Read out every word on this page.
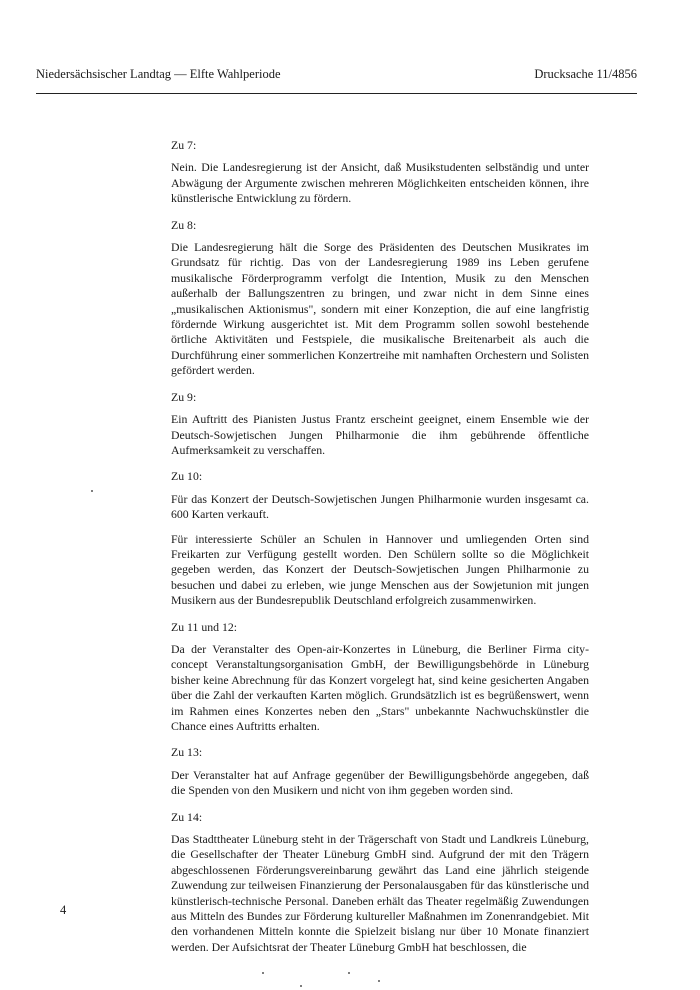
Niedersächsischer Landtag — Elfte Wahlperiode	Drucksache 11/4856

Zu 7:

Nein. Die Landesregierung ist der Ansicht, daß Musikstudenten selbständig und unter Abwägung der Argumente zwischen mehreren Möglichkeiten entscheiden können, ihre künstlerische Entwicklung zu fördern.

Zu 8:

Die Landesregierung hält die Sorge des Präsidenten des Deutschen Musikrates im Grundsatz für richtig. Das von der Landesregierung 1989 ins Leben gerufene musikalische Förderprogramm verfolgt die Intention, Musik zu den Menschen außerhalb der Ballungszentren zu bringen, und zwar nicht in dem Sinne eines „musikalischen Aktionismus", sondern mit einer Konzeption, die auf eine langfristig fördernde Wirkung ausgerichtet ist. Mit dem Programm sollen sowohl bestehende örtliche Aktivitäten und Festspiele, die musikalische Breitenarbeit als auch die Durchführung einer sommerlichen Konzertreihe mit namhaften Orchestern und Solisten gefördert werden.

Zu 9:

Ein Auftritt des Pianisten Justus Frantz erscheint geeignet, einem Ensemble wie der Deutsch-Sowjetischen Jungen Philharmonie die ihm gebührende öffentliche Aufmerksamkeit zu verschaffen.

Zu 10:

Für das Konzert der Deutsch-Sowjetischen Jungen Philharmonie wurden insgesamt ca. 600 Karten verkauft.

Für interessierte Schüler an Schulen in Hannover und umliegenden Orten sind Freikarten zur Verfügung gestellt worden. Den Schülern sollte so die Möglichkeit gegeben werden, das Konzert der Deutsch-Sowjetischen Jungen Philharmonie zu besuchen und dabei zu erleben, wie junge Menschen aus der Sowjetunion mit jungen Musikern aus der Bundesrepublik Deutschland erfolgreich zusammenwirken.

Zu 11 und 12:

Da der Veranstalter des Open-air-Konzertes in Lüneburg, die Berliner Firma city-concept Veranstaltungsorganisation GmbH, der Bewilligungsbehörde in Lüneburg bisher keine Abrechnung für das Konzert vorgelegt hat, sind keine gesicherten Angaben über die Zahl der verkauften Karten möglich. Grundsätzlich ist es begrüßenswert, wenn im Rahmen eines Konzertes neben den „Stars" unbekannte Nachwuchskünstler die Chance eines Auftritts erhalten.

Zu 13:

Der Veranstalter hat auf Anfrage gegenüber der Bewilligungsbehörde angegeben, daß die Spenden von den Musikern und nicht von ihm gegeben worden sind.

Zu 14:

Das Stadttheater Lüneburg steht in der Trägerschaft von Stadt und Landkreis Lüneburg, die Gesellschafter der Theater Lüneburg GmbH sind. Aufgrund der mit den Trägern abgeschlossenen Förderungsvereinbarung gewährt das Land eine jährlich steigende Zuwendung zur teilweisen Finanzierung der Personalausgaben für das künstlerische und künstlerisch-technische Personal. Daneben erhält das Theater regelmäßig Zuwendungen aus Mitteln des Bundes zur Förderung kultureller Maßnahmen im Zonenrandgebiet. Mit den vorhandenen Mitteln konnte die Spielzeit bislang nur über 10 Monate finanziert werden. Der Aufsichtsrat der Theater Lüneburg GmbH hat beschlossen, die

4
